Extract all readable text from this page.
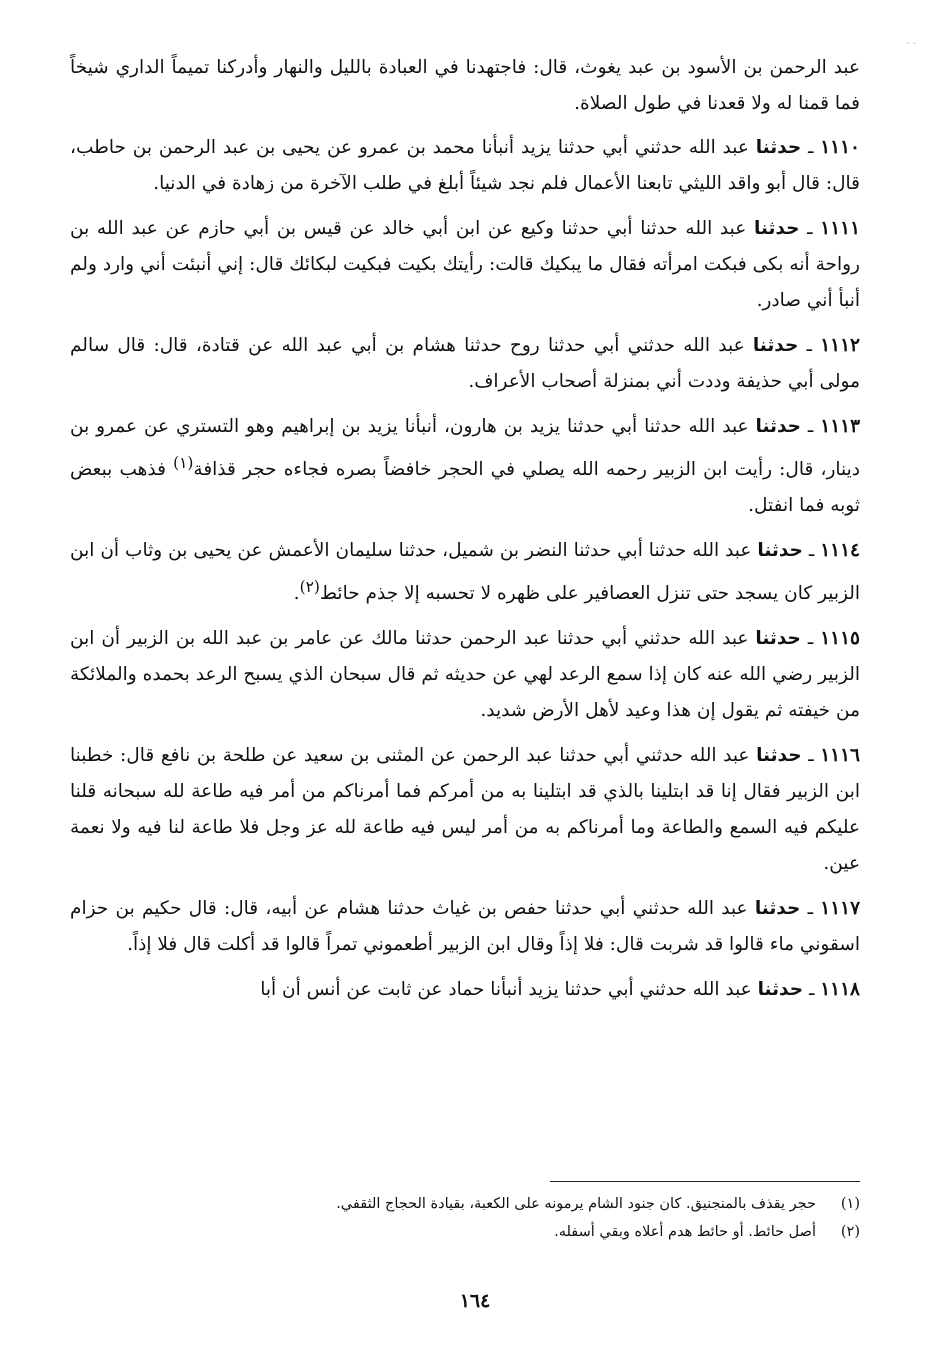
عبد الرحمن بن الأسود بن عبد يغوث، قال: فاجتهدنا في العبادة بالليل والنهار وأدركنا تميماً الداري شيخاً فما قمنا له ولا قعدنا في طول الصلاة.

١١١٠ ـ حدثنا عبد الله حدثني أبي حدثنا يزيد أنبأنا محمد بن عمرو عن يحيى بن عبد الرحمن بن حاطب، قال: قال أبو واقد الليثي تابعنا الأعمال فلم نجد شيئاً أبلغ في طلب الآخرة من زهادة في الدنيا.

١١١١ ـ حدثنا عبد الله حدثنا أبي حدثنا وكيع عن ابن أبي خالد عن قيس بن أبي حازم عن عبد الله بن رواحة أنه بكى فبكت امرأته فقال ما يبكيك قالت: رأيتك بكيت فبكيت لبكائك قال: إني أنبئت أني وارد ولم أنبأ أني صادر.

١١١٢ ـ حدثنا عبد الله حدثني أبي حدثنا روح حدثنا هشام بن أبي عبد الله عن قتادة، قال: قال سالم مولى أبي حذيفة وددت أني بمنزلة أصحاب الأعراف.

١١١٣ ـ حدثنا عبد الله حدثنا أبي حدثنا يزيد بن هارون، أنبأنا يزيد بن إبراهيم وهو التستري عن عمرو بن دينار، قال: رأيت ابن الزبير رحمه الله يصلي في الحجر خافضاً بصره فجاءه حجر قذافة$^{(١)}$ فذهب ببعض ثوبه فما انفتل.

١١١٤ ـ حدثنا عبد الله حدثنا أبي حدثنا النضر بن شميل، حدثنا سليمان الأعمش عن يحيى بن وثاب أن ابن الزبير كان يسجد حتى تنزل العصافير على ظهره لا تحسبه إلا جذم حائط$^{(٢)}$.

١١١٥ ـ حدثنا عبد الله حدثني أبي حدثنا عبد الرحمن حدثنا مالك عن عامر بن عبد الله بن الزبير أن ابن الزبير رضي الله عنه كان إذا سمع الرعد لهي عن حديثه ثم قال سبحان الذي يسبح الرعد بحمده والملائكة من خيفته ثم يقول إن هذا وعيد لأهل الأرض شديد.

١١١٦ ـ حدثنا عبد الله حدثني أبي حدثنا عبد الرحمن عن المثنى بن سعيد عن طلحة بن نافع قال: خطبنا ابن الزبير فقال إنا قد ابتلينا بالذي قد ابتلينا به من أمركم فما أمرناكم من أمر فيه طاعة لله سبحانه قلنا عليكم فيه السمع والطاعة وما أمرناكم به من أمر ليس فيه طاعة لله عز وجل فلا طاعة لنا فيه ولا نعمة عين.

١١١٧ ـ حدثنا عبد الله حدثني أبي حدثنا حفص بن غياث حدثنا هشام عن أبيه، قال: قال حكيم بن حزام اسقوني ماء قالوا قد شربت قال: فلا إذاً وقال ابن الزبير أطعموني تمراً قالوا قد أكلت قال فلا إذاً.

١١١٨ ـ حدثنا عبد الله حدثني أبي حدثنا يزيد أنبأنا حماد عن ثابت عن أنس أن أبا

(١)حجر يقذف بالمنجنيق. كان جنود الشام يرمونه على الكعبة، بقيادة الحجاج الثقفي.
(٢)أصل حائط. أو حائط هدم أعلاه وبقي أسفله.
١٦٤
‐ ‐
